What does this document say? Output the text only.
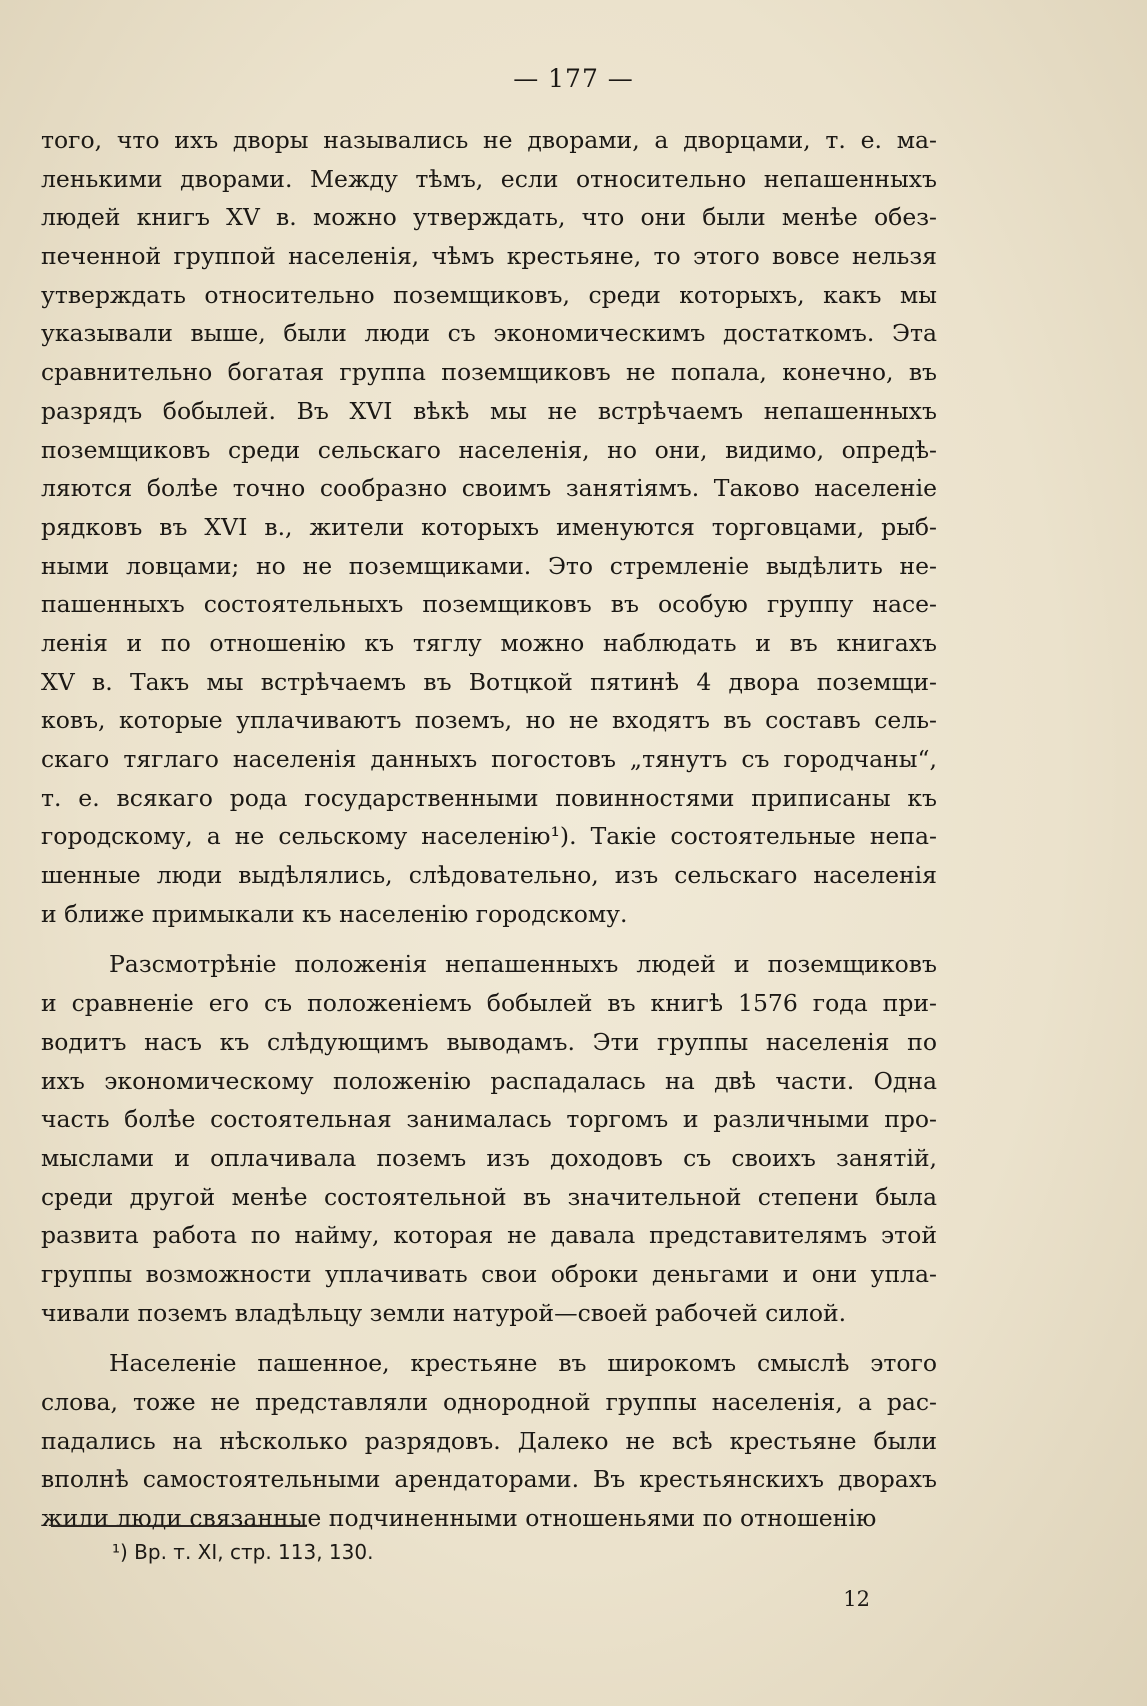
— 177 —
того, что ихъ дворы назывались не дворами, а дворцами, т. е. ма-
ленькими дворами. Между тѣмъ, если относительно непашенныхъ
людей книгъ XV в. можно утверждать, что они были менѣе обез-
печенной группой населенія, чѣмъ крестьяне, то этого вовсе нельзя
утверждать относительно поземщиковъ, среди которыхъ, какъ мы
указывали выше, были люди съ экономическимъ достаткомъ. Эта
сравнительно богатая группа поземщиковъ не попала, конечно, въ
разрядъ бобылей. Въ XVI вѣкѣ мы не встрѣчаемъ непашенныхъ
поземщиковъ среди сельскаго населенія, но они, видимо, опредѣ-
ляются болѣе точно сообразно своимъ занятіямъ. Таково населеніе
рядковъ въ XVI в., жители которыхъ именуются торговцами, рыб-
ными ловцами; но не поземщиками. Это стремленіе выдѣлить не-
пашенныхъ состоятельныхъ поземщиковъ въ особую группу насе-
ленія и по отношенію къ тяглу можно наблюдать и въ книгахъ
XV в. Такъ мы встрѣчаемъ въ Вотцкой пятинѣ 4 двора поземщи-
ковъ, которые уплачиваютъ поземъ, но не входятъ въ составъ сель-
скаго тяглаго населенія данныхъ погостовъ „тянутъ съ городчаны“,
т. е. всякаго рода государственными повинностями приписаны къ
городскому, а не сельскому населенію¹). Такіе состоятельные непа-
шенные люди выдѣлялись, слѣдовательно, изъ сельскаго населенія
и ближе примыкали къ населенію городскому.
Разсмотрѣніе положенія непашенныхъ людей и поземщиковъ
и сравненіе его съ положеніемъ бобылей въ книгѣ 1576 года при-
водитъ насъ къ слѣдующимъ выводамъ. Эти группы населенія по
ихъ экономическому положенію распадалась на двѣ части. Одна
часть болѣе состоятельная занималась торгомъ и различными про-
мыслами и оплачивала поземъ изъ доходовъ съ своихъ занятій,
среди другой менѣе состоятельной въ значительной степени была
развита работа по найму, которая не давала представителямъ этой
группы возможности уплачивать свои оброки деньгами и они упла-
чивали поземъ владѣльцу земли натурой—своей рабочей силой.
Населеніе пашенное, крестьяне въ широкомъ смыслѣ этого
слова, тоже не представляли однородной группы населенія, а рас-
падались на нѣсколько разрядовъ. Далеко не всѣ крестьяне были
вполнѣ самостоятельными арендаторами. Въ крестьянскихъ дворахъ
жили люди связанные подчиненными отношеньями по отношенію
¹) Вр. т. XI, стр. 113, 130.
12
